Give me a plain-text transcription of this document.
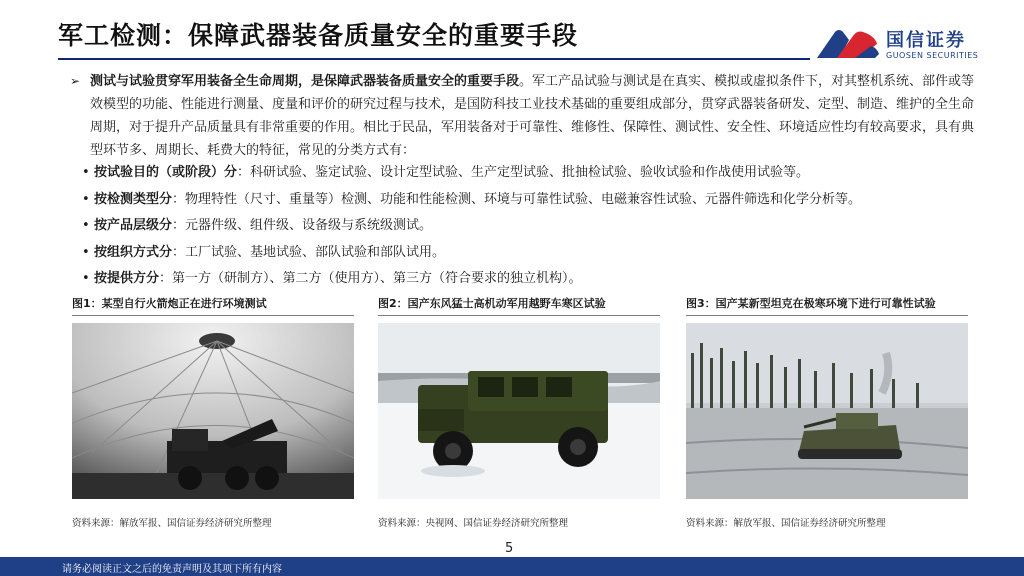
军工检测：保障武器装备质量安全的重要手段	国信证券
GUOSEN SECURITIES
➢ 测试与试验贯穿军用装备全生命周期，是保障武器装备质量安全的重要手段。军工产品试验与测试是在真实、模拟或虚拟条件下，对其整机系统、部件或等效模型的功能、性能进行测量、度量和评价的研究过程与技术，是国防科技工业技术基础的重要组成部分，贯穿武器装备研发、定型、制造、维护的全生命周期，对于提升产品质量具有非常重要的作用。相比于民品，军用装备对于可靠性、维修性、保障性、测试性、安全性、环境适应性均有较高要求，具有典型环节多、周期长、耗费大的特征，常见的分类方式有：

• 按试验目的（或阶段）分：科研试验、鉴定试验、设计定型试验、生产定型试验、批抽检试验、验收试验和作战使用试验等。
• 按检测类型分：物理特性（尺寸、重量等）检测、功能和性能检测、环境与可靠性试验、电磁兼容性试验、元器件筛选和化学分析等。
• 按产品层级分：元器件级、组件级、设备级与系统级测试。
• 按组织方式分：工厂试验、基地试验、部队试验和部队试用。
• 按提供方分：第一方（研制方）、第二方（使用方）、第三方（符合要求的独立机构）。
图1：某型自行火箭炮正在进行环境测试
资料来源：解放军报、国信证券经济研究所整理
图2：国产东风猛士高机动军用越野车寒区试验
资料来源：央视网、国信证券经济研究所整理
图3：国产某新型坦克在极寒环境下进行可靠性试验
资料来源：解放军报、国信证券经济研究所整理
5
请务必阅读正文之后的免责声明及其项下所有内容
